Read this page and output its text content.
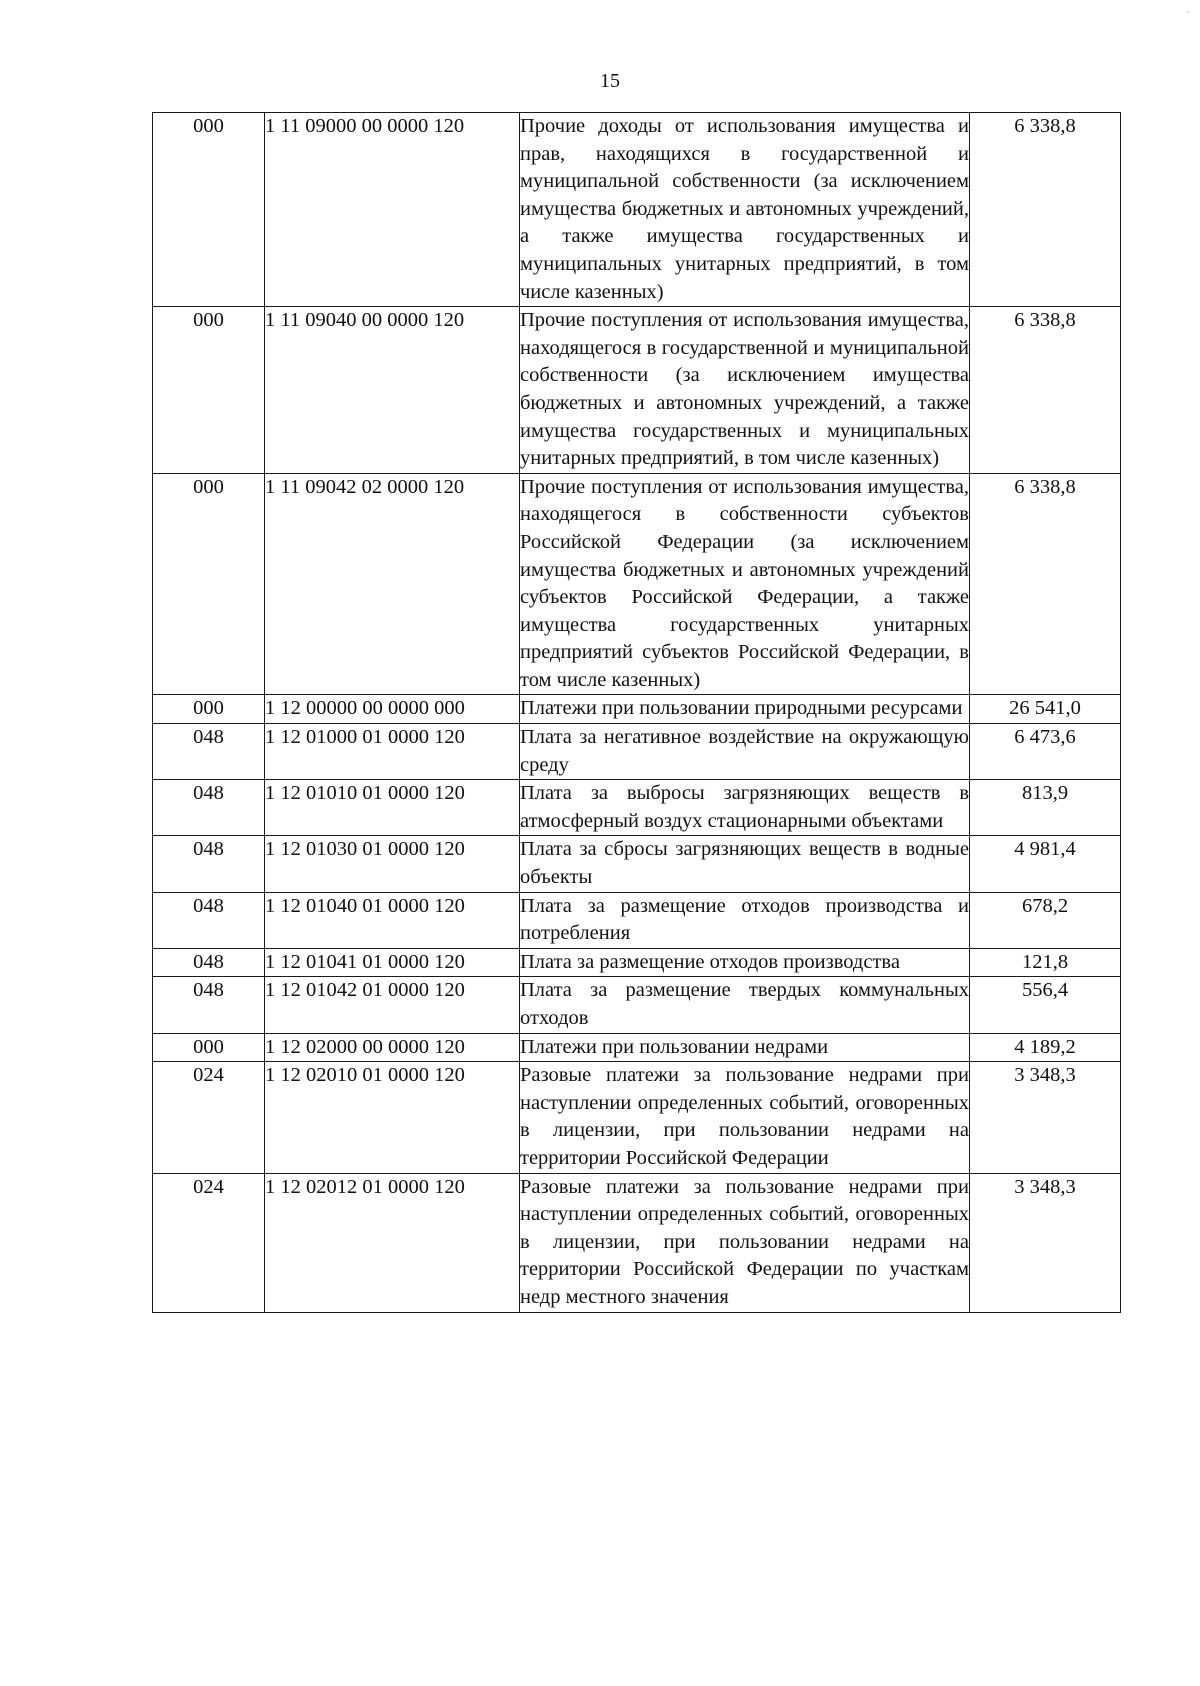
-
15
000	1 11 09000 00 0000 120	Прочие доходы от использования имущества и прав, находящихся в государственной и муниципальной собственности (за исключением имущества бюджетных и автономных учреждений, а также имущества государственных и муниципальных унитарных предприятий, в том числе казенных)	6 338,8
000	1 11 09040 00 0000 120	Прочие поступления от использования имущества, находящегося в государственной и муниципальной собственности (за исключением имущества бюджетных и автономных учреждений, а также имущества государственных и муниципальных унитарных предприятий, в том числе казенных)	6 338,8
000	1 11 09042 02 0000 120	Прочие поступления от использования имущества, находящегося в собственности субъектов Российской Федерации (за исключением имущества бюджетных и автономных учреждений субъектов Российской Федерации, а также имущества государственных унитарных предприятий субъектов Российской Федерации, в том числе казенных)	6 338,8
000	1 12 00000 00 0000 000	Платежи при пользовании природными ресурсами	26 541,0
048	1 12 01000 01 0000 120	Плата за негативное воздействие на окружающую среду	6 473,6
048	1 12 01010 01 0000 120	Плата за выбросы загрязняющих веществ в атмосферный воздух стационарными объектами	813,9
048	1 12 01030 01 0000 120	Плата за сбросы загрязняющих веществ в водные объекты	4 981,4
048	1 12 01040 01 0000 120	Плата за размещение отходов производства и потребления	678,2
048	1 12 01041 01 0000 120	Плата за размещение отходов производства	121,8
048	1 12 01042 01 0000 120	Плата за размещение твердых коммунальных отходов	556,4
000	1 12 02000 00 0000 120	Платежи при пользовании недрами	4 189,2
024	1 12 02010 01 0000 120	Разовые платежи за пользование недрами при наступлении определенных событий, оговоренных в лицензии, при пользовании недрами на территории Российской Федерации	3 348,3
024	1 12 02012 01 0000 120	Разовые платежи за пользование недрами при наступлении определенных событий, оговоренных в лицензии, при пользовании недрами на территории Российской Федерации по участкам недр местного значения	3 348,3
